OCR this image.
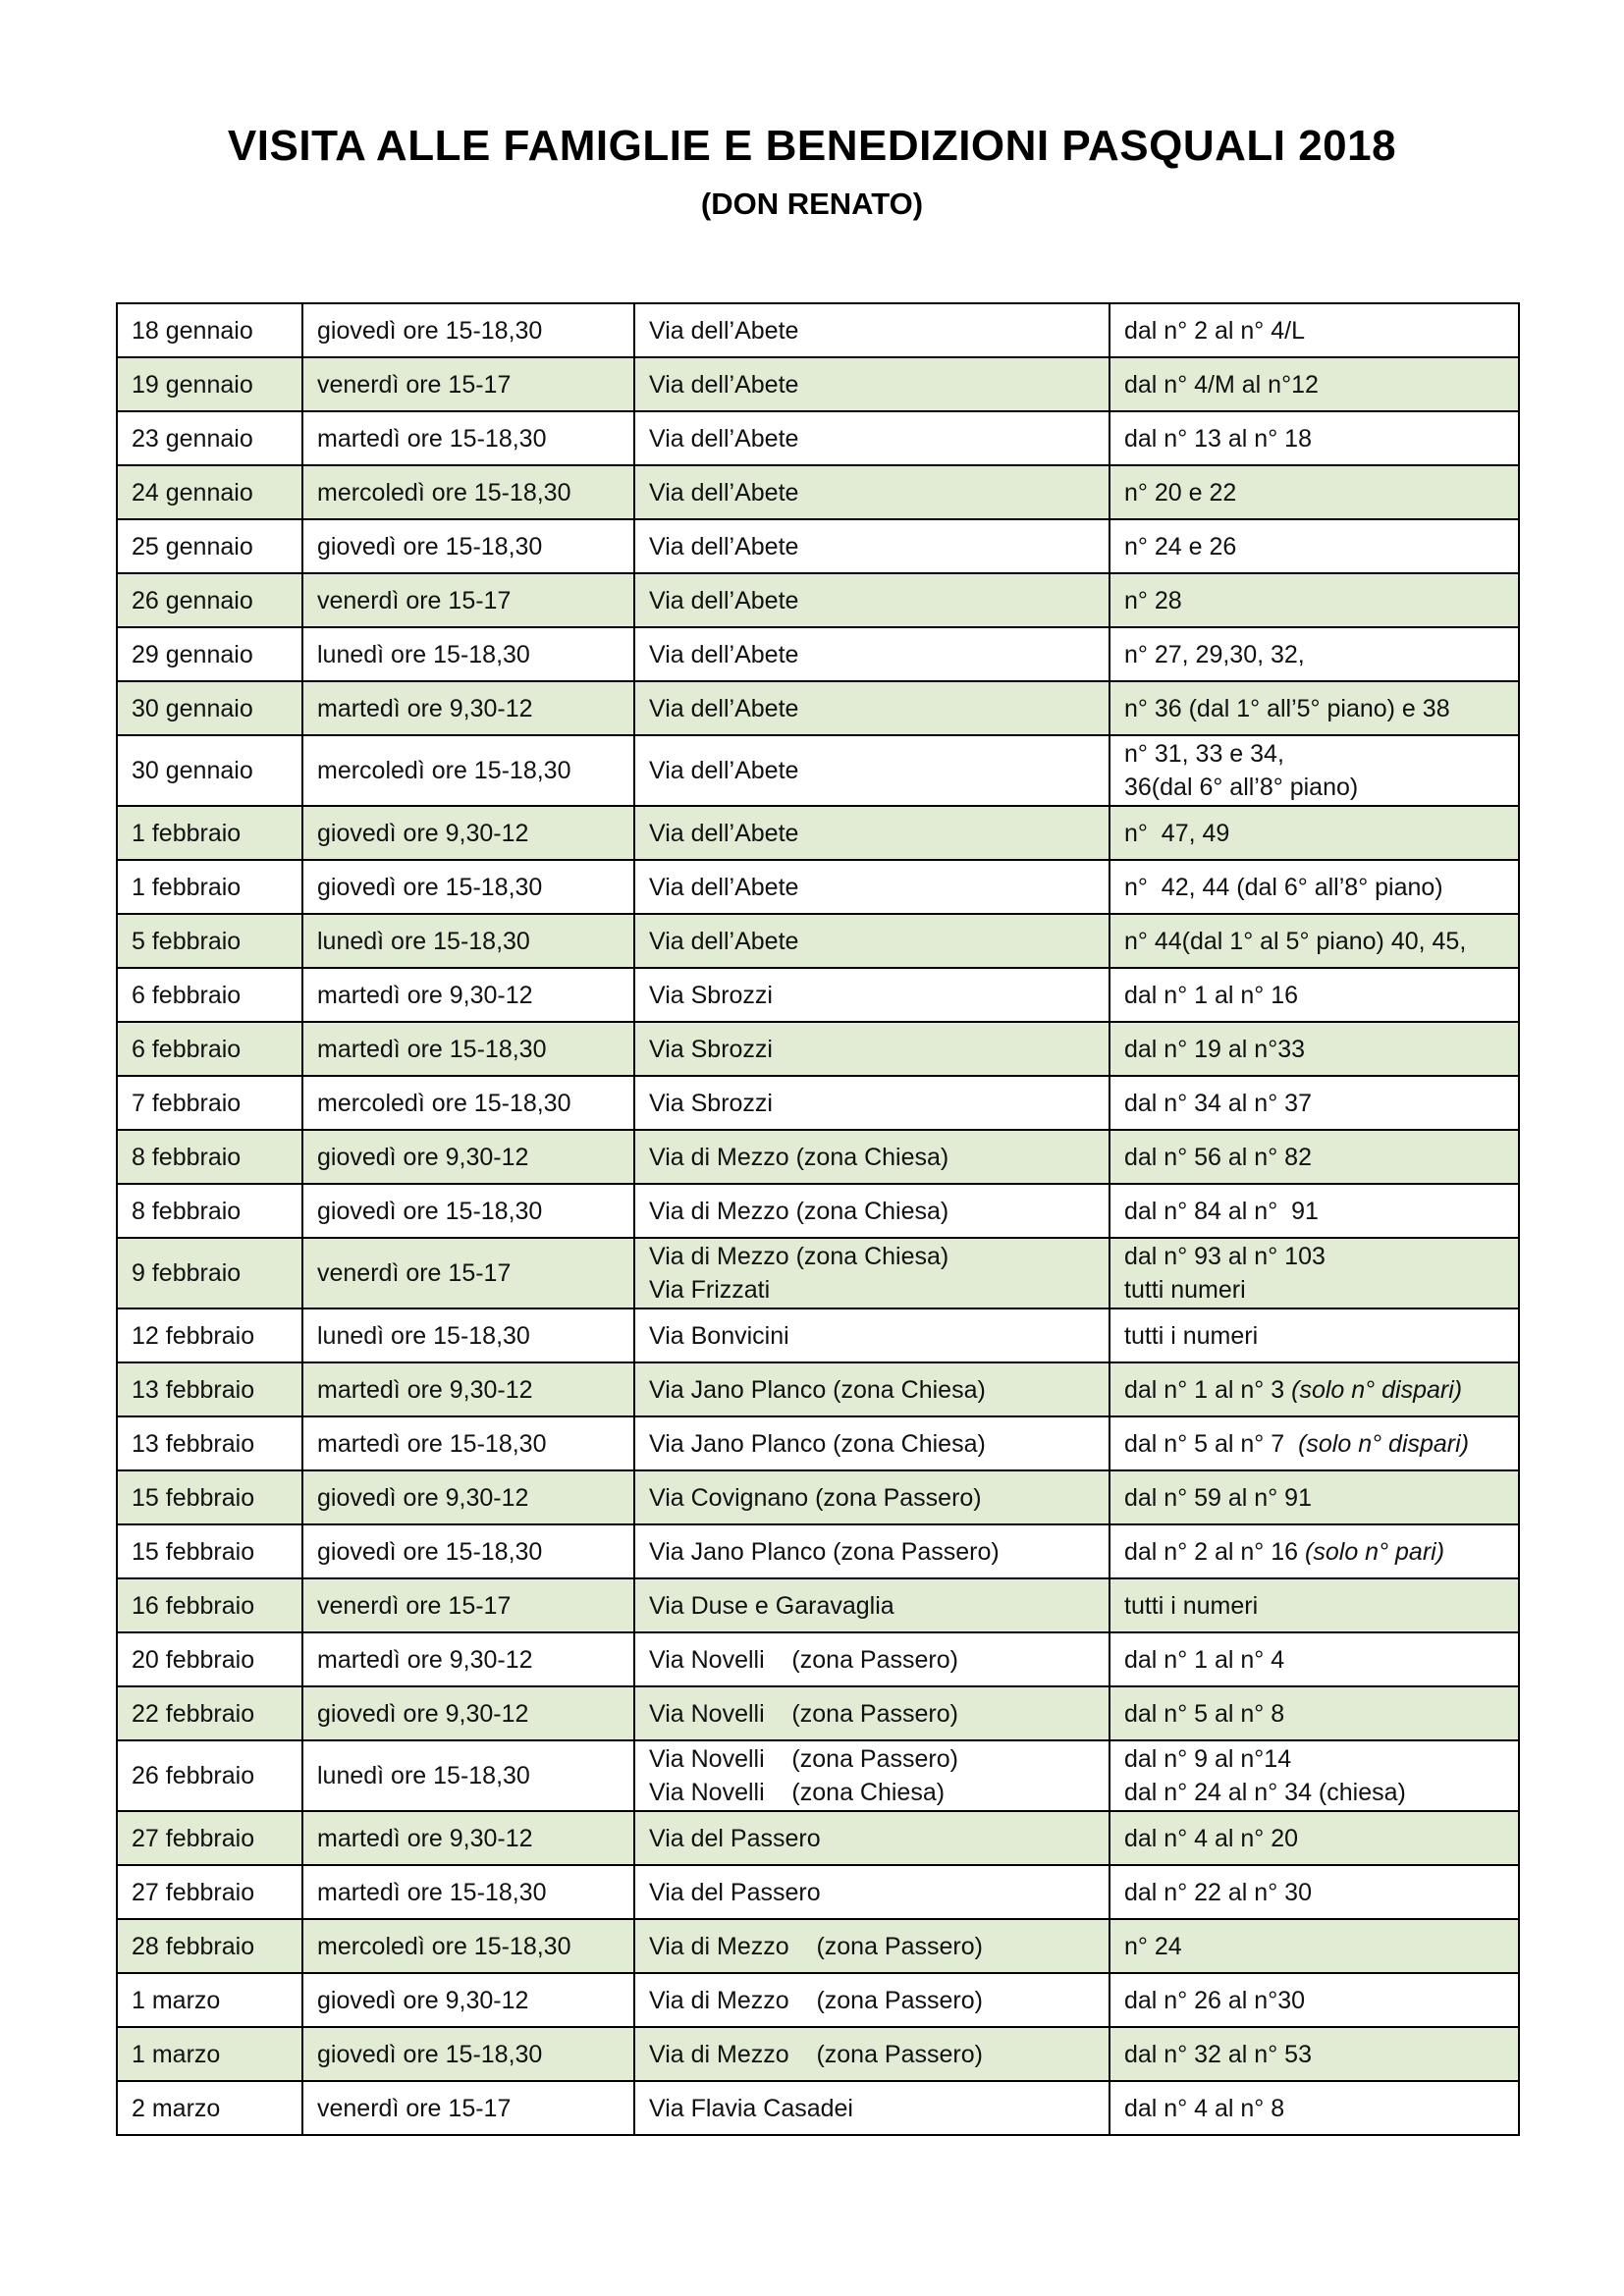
VISITA ALLE FAMIGLIE E BENEDIZIONI PASQUALI 2018
(DON RENATO)
18 gennaio	giovedì ore 15-18,30	Via dell’Abete	dal n° 2 al n° 4/L

19 gennaio	venerdì ore 15-17	Via dell’Abete	dal n° 4/M al n°12

23 gennaio	martedì ore 15-18,30	Via dell’Abete	dal n° 13 al n° 18

24 gennaio	mercoledì ore 15-18,30	Via dell’Abete	n° 20 e 22

25 gennaio	giovedì ore 15-18,30	Via dell’Abete	n° 24 e 26

26 gennaio	venerdì ore 15-17	Via dell’Abete	n° 28

29 gennaio	lunedì ore 15-18,30	Via dell’Abete	n° 27, 29,30, 32,

30 gennaio	martedì ore 9,30-12	Via dell’Abete	n° 36 (dal 1° all’5° piano) e 38

30 gennaio	mercoledì ore 15-18,30	Via dell’Abete	n° 31, 33 e 34,
36(dal 6° all’8° piano)

1 febbraio	giovedì ore 9,30-12	Via dell’Abete	n°  47, 49

1 febbraio	giovedì ore 15-18,30	Via dell’Abete	n°  42, 44 (dal 6° all’8° piano)

5 febbraio	lunedì ore 15-18,30	Via dell’Abete	n° 44(dal 1° al 5° piano) 40, 45,

6 febbraio	martedì ore 9,30-12	Via Sbrozzi	dal n° 1 al n° 16

6 febbraio	martedì ore 15-18,30	Via Sbrozzi	dal n° 19 al n°33

7 febbraio	mercoledì ore 15-18,30	Via Sbrozzi	dal n° 34 al n° 37

8 febbraio	giovedì ore 9,30-12	Via di Mezzo (zona Chiesa)	dal n° 56 al n° 82

8 febbraio	giovedì ore 15-18,30	Via di Mezzo (zona Chiesa)	dal n° 84 al n°  91

9 febbraio	venerdì ore 15-17	Via di Mezzo (zona Chiesa)
Via Frizzati	dal n° 93 al n° 103
tutti numeri

12 febbraio	lunedì ore 15-18,30	Via Bonvicini	tutti i numeri

13 febbraio	martedì ore 9,30-12	Via Jano Planco (zona Chiesa)	dal n° 1 al n° 3 (solo n° dispari)

13 febbraio	martedì ore 15-18,30	Via Jano Planco (zona Chiesa)	dal n° 5 al n° 7  (solo n° dispari)

15 febbraio	giovedì ore 9,30-12	Via Covignano (zona Passero)	dal n° 59 al n° 91

15 febbraio	giovedì ore 15-18,30	Via Jano Planco (zona Passero)	dal n° 2 al n° 16 (solo n° pari)

16 febbraio	venerdì ore 15-17	Via Duse e Garavaglia	tutti i numeri

20 febbraio	martedì ore 9,30-12	Via Novelli    (zona Passero)	dal n° 1 al n° 4

22 febbraio	giovedì ore 9,30-12	Via Novelli    (zona Passero)	dal n° 5 al n° 8

26 febbraio	lunedì ore 15-18,30	Via Novelli    (zona Passero)
Via Novelli    (zona Chiesa)	dal n° 9 al n°14
dal n° 24 al n° 34 (chiesa)

27 febbraio	martedì ore 9,30-12	Via del Passero	dal n° 4 al n° 20

27 febbraio	martedì ore 15-18,30	Via del Passero	dal n° 22 al n° 30

28 febbraio	mercoledì ore 15-18,30	Via di Mezzo    (zona Passero)	n° 24

1 marzo	giovedì ore 9,30-12	Via di Mezzo    (zona Passero)	dal n° 26 al n°30

1 marzo	giovedì ore 15-18,30	Via di Mezzo    (zona Passero)	dal n° 32 al n° 53

2 marzo	venerdì ore 15-17	Via Flavia Casadei	dal n° 4 al n° 8
